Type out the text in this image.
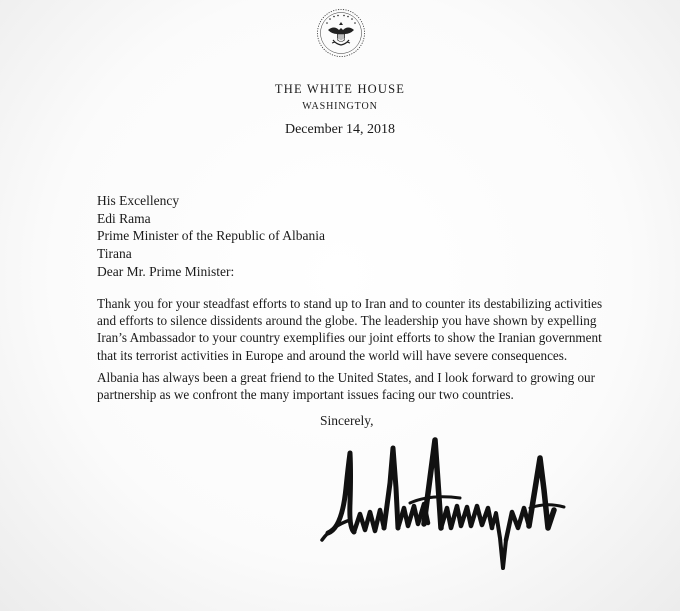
THE WHITE HOUSE
WASHINGTON
December 14, 2018
His Excellency
Edi Rama
Prime Minister of the Republic of Albania
Tirana
Dear Mr. Prime Minister:
Thank you for your steadfast efforts to stand up to Iran and to counter its destabilizing activities
and efforts to silence dissidents around the globe. The leadership you have shown by expelling
Iran’s Ambassador to your country exemplifies our joint efforts to show the Iranian government
that its terrorist activities in Europe and around the world will have severe consequences.
Albania has always been a great friend to the United States, and I look forward to growing our
partnership as we confront the many important issues facing our two countries.
Sincerely,
